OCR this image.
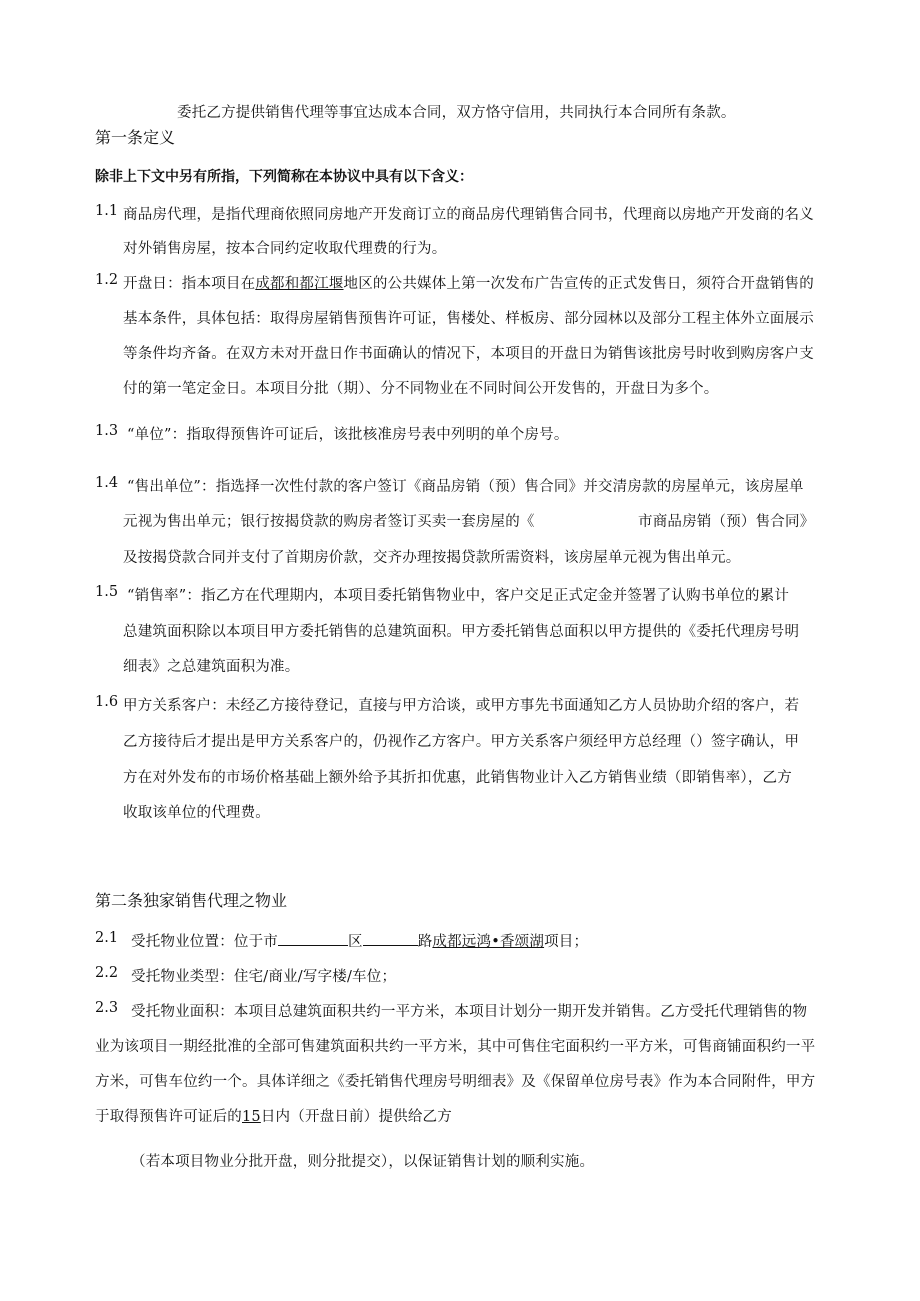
委托乙方提供销售代理等事宜达成本合同，双方恪守信用，共同执行本合同所有条款。
第一条定义
除非上下文中另有所指，下列简称在本协议中具有以下含义：
1.1 商品房代理，是指代理商依照同房地产开发商订立的商品房代理销售合同书，代理商以房地产开发商的名义
对外销售房屋，按本合同约定收取代理费的行为。
1.2 开盘日：指本项目在成都和都江堰地区的公共媒体上第一次发布广告宣传的正式发售日，须符合开盘销售的
基本条件，具体包括：取得房屋销售预售许可证，售楼处、样板房、部分园林以及部分工程主体外立面展示
等条件均齐备。在双方未对开盘日作书面确认的情况下，本项目的开盘日为销售该批房号时收到购房客户支
付的第一笔定金日。本项目分批（期）、分不同物业在不同时间公开发售的，开盘日为多个。
1.3 “单位”：指取得预售许可证后，该批核准房号表中列明的单个房号。
1.4 “售出单位”：指选择一次性付款的客户签订《商品房销（预）售合同》并交清房款的房屋单元，该房屋单
元视为售出单元；银行按揭贷款的购房者签订买卖一套房屋的《	市商品房销（预）售合同》
及按揭贷款合同并支付了首期房价款，交齐办理按揭贷款所需资料，该房屋单元视为售出单元。
1.5 “销售率”：指乙方在代理期内，本项目委托销售物业中，客户交足正式定金并签署了认购书单位的累计
总建筑面积除以本项目甲方委托销售的总建筑面积。甲方委托销售总面积以甲方提供的《委托代理房号明
细表》之总建筑面积为准。
1.6 甲方关系客户：未经乙方接待登记，直接与甲方洽谈，或甲方事先书面通知乙方人员协助介绍的客户，若
乙方接待后才提出是甲方关系客户的，仍视作乙方客户。甲方关系客户须经甲方总经理（）签字确认，甲
方在对外发布的市场价格基础上额外给予其折扣优惠，此销售物业计入乙方销售业绩（即销售率），乙方
收取该单位的代理费。
第二条独家销售代理之物业
2.1 受托物业位置：位于市	区	路成都远鸿•香颂湖项目；
2.2 受托物业类型：住宅/商业/写字楼/车位；
2.3 受托物业面积：本项目总建筑面积共约一平方米，本项目计划分一期开发并销售。乙方受托代理销售的物
业为该项目一期经批准的全部可售建筑面积共约一平方米，其中可售住宅面积约一平方米，可售商铺面积约一平
方米，可售车位约一个。具体详细之《委托销售代理房号明细表》及《保留单位房号表》作为本合同附件，甲方
于取得预售许可证后的15日内（开盘日前）提供给乙方
（若本项目物业分批开盘，则分批提交），以保证销售计划的顺利实施。
